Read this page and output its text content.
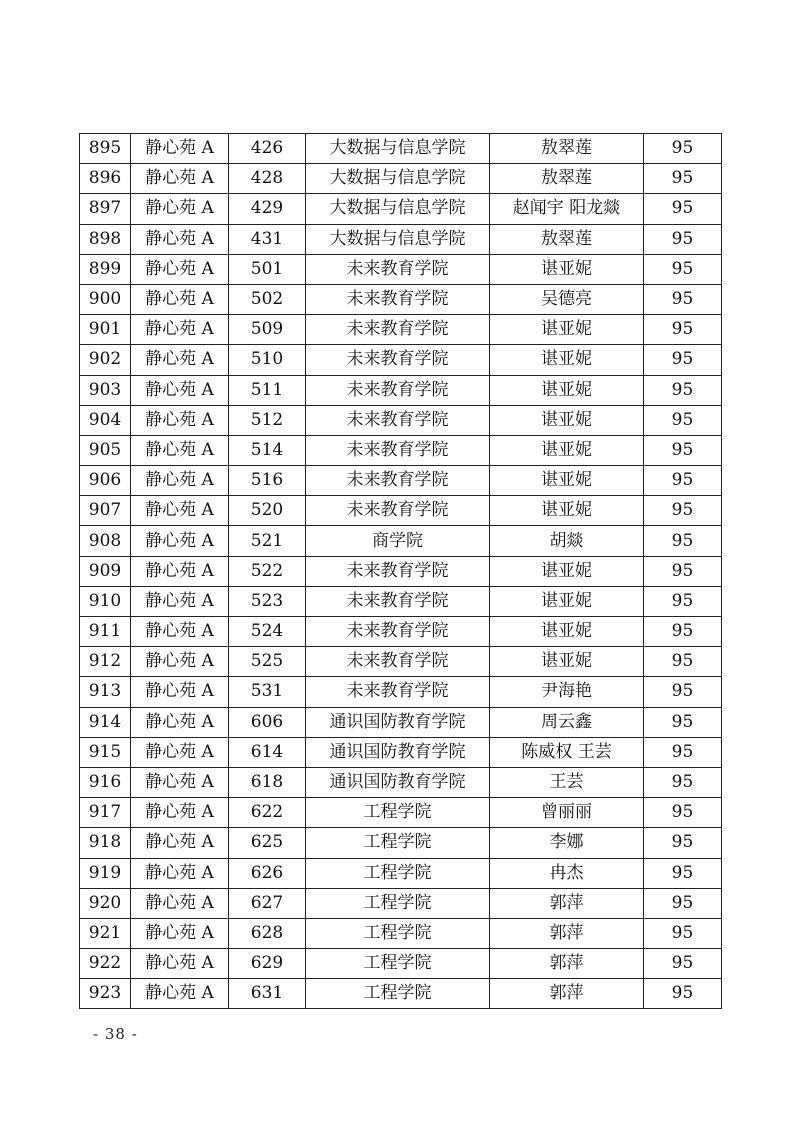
895	静心苑 A	426	大数据与信息学院	敖翠莲	95
896	静心苑 A	428	大数据与信息学院	敖翠莲	95
897	静心苑 A	429	大数据与信息学院	赵闻宇 阳龙燚	95
898	静心苑 A	431	大数据与信息学院	敖翠莲	95
899	静心苑 A	501	未来教育学院	谌亚妮	95
900	静心苑 A	502	未来教育学院	吴德亮	95
901	静心苑 A	509	未来教育学院	谌亚妮	95
902	静心苑 A	510	未来教育学院	谌亚妮	95
903	静心苑 A	511	未来教育学院	谌亚妮	95
904	静心苑 A	512	未来教育学院	谌亚妮	95
905	静心苑 A	514	未来教育学院	谌亚妮	95
906	静心苑 A	516	未来教育学院	谌亚妮	95
907	静心苑 A	520	未来教育学院	谌亚妮	95
908	静心苑 A	521	商学院	胡燚	95
909	静心苑 A	522	未来教育学院	谌亚妮	95
910	静心苑 A	523	未来教育学院	谌亚妮	95
911	静心苑 A	524	未来教育学院	谌亚妮	95
912	静心苑 A	525	未来教育学院	谌亚妮	95
913	静心苑 A	531	未来教育学院	尹海艳	95
914	静心苑 A	606	通识国防教育学院	周云鑫	95
915	静心苑 A	614	通识国防教育学院	陈威权 王芸	95
916	静心苑 A	618	通识国防教育学院	王芸	95
917	静心苑 A	622	工程学院	曾丽丽	95
918	静心苑 A	625	工程学院	李娜	95
919	静心苑 A	626	工程学院	冉杰	95
920	静心苑 A	627	工程学院	郭萍	95
921	静心苑 A	628	工程学院	郭萍	95
922	静心苑 A	629	工程学院	郭萍	95
923	静心苑 A	631	工程学院	郭萍	95
- 38 -
